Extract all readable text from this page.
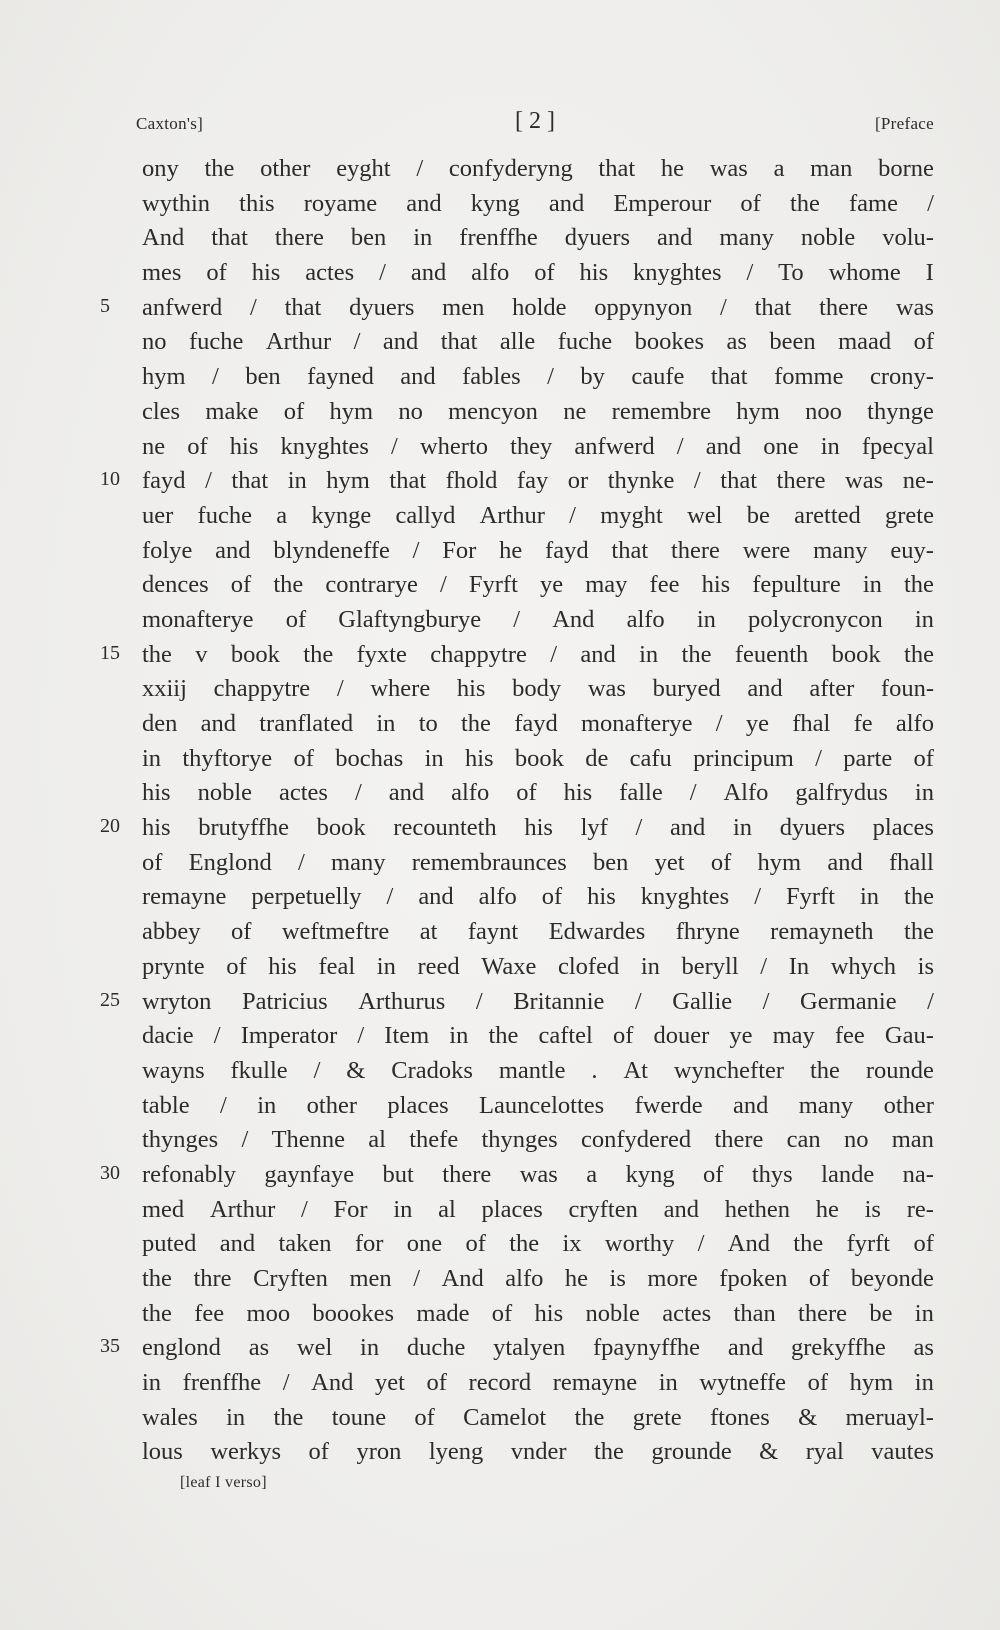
Caxton's]	[ 2 ]	[Preface
ony the other eyght / confyderyng that he was a man borne
wythin this royame and kyng and Emperour of the fame /
And that there ben in frenffhe dyuers and many noble volu-
mes of his actes / and alfo of his knyghtes / To whome I
5	anfwerd / that dyuers men holde oppynyon / that there was
no fuche Arthur / and that alle fuche bookes as been maad of
hym / ben fayned and fables / by caufe that fomme crony-
cles make of hym no mencyon ne remembre hym noo thynge
ne of his knyghtes / wherto they anfwerd / and one in fpecyal
10 fayd / that in hym that fhold fay or thynke / that there was ne-
uer fuche a kynge callyd Arthur / myght wel be aretted grete
folye and blyndeneffe / For he fayd that there were many euy-
dences of the contrarye / Fyrft ye may fee his fepulture in the
monafterye of Glaftyngburye / And alfo in polycronycon in
15 the v book the fyxte chappytre / and in the feuenth book the
xxiij chappytre / where his body was buryed and after foun-
den and tranflated in to the fayd monafterye / ye fhal fe alfo
in thyftorye of bochas in his book de cafu principum / parte of
his noble actes / and alfo of his falle / Alfo galfrydus in
20 his brutyffhe book recounteth his lyf / and in dyuers places
of Englond / many remembraunces ben yet of hym and fhall
remayne perpetuelly / and alfo of his knyghtes / Fyrft in the
abbey of weftmeftre at faynt Edwardes fhryne remayneth the
prynte of his feal in reed Waxe clofed in beryll / In whych is
25 wryton Patricius Arthurus / Britannie / Gallie / Germanie /
dacie / Imperator / Item in the caftel of douer ye may fee Gau-
wayns fkulle / & Cradoks mantle . At wynchefter the rounde
table / in other places Launcelottes fwerde and many other
thynges / Thenne al thefe thynges confydered there can no man
30 refonably gaynfaye but there was a kyng of thys lande na-
med Arthur / For in al places cryften and hethen he is re-
puted and taken for one of the ix worthy / And the fyrft of
the thre Cryften men / And alfo he is more fpoken of beyonde
the fee moo boookes made of his noble actes than there be in
35 englond as wel in duche ytalyen fpaynyffhe and grekyffhe as
in frenffhe / And yet of record remayne in wytneffe of hym in
wales in the toune of Camelot the grete ftones & meruayl-
lous werkys of yron lyeng vnder the grounde & ryal vautes
[leaf I verso]
